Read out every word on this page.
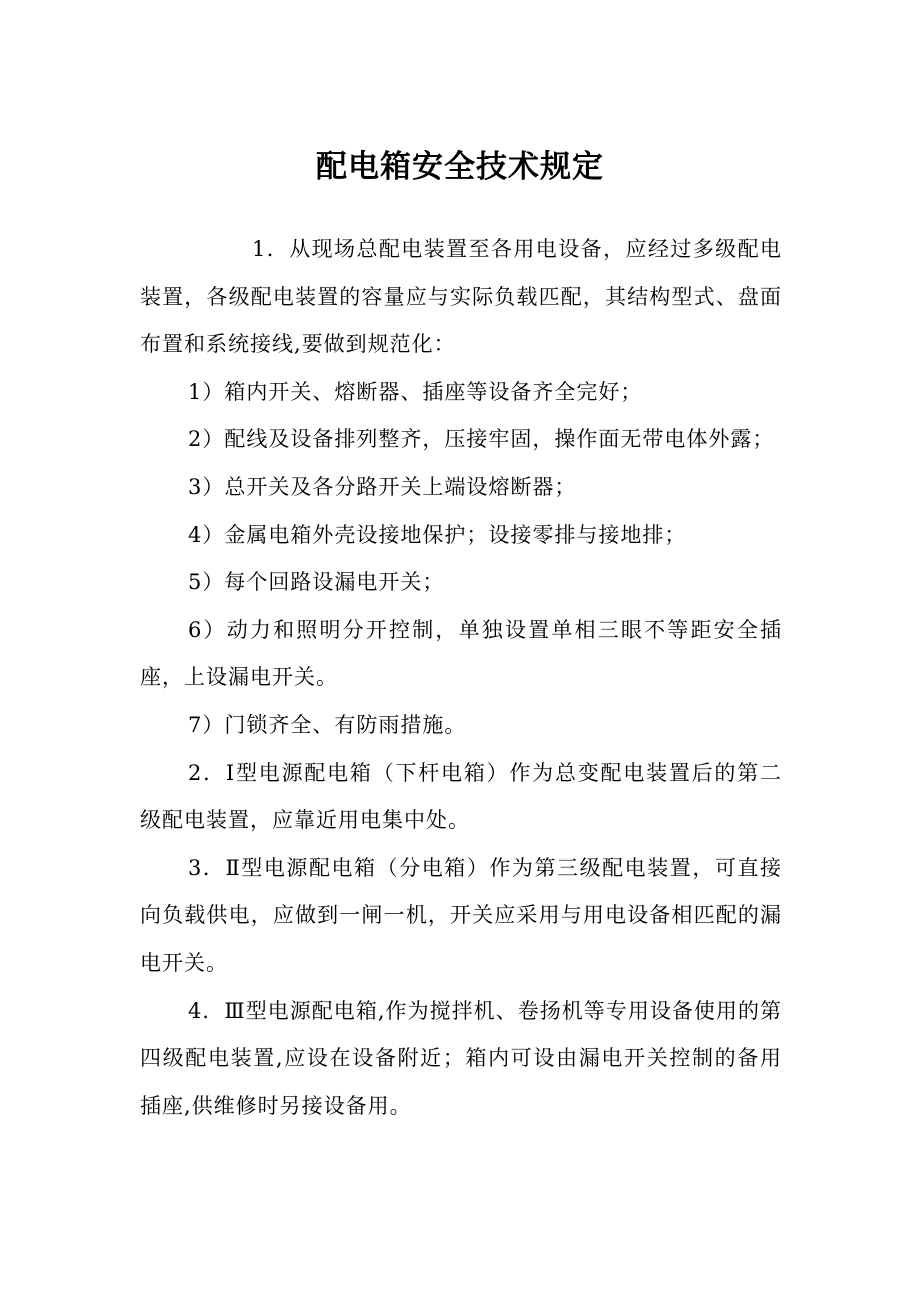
配电箱安全技术规定

1．从现场总配电装置至各用电设备，应经过多级配电装置，各级配电装置的容量应与实际负载匹配，其结构型式、盘面布置和系统接线,要做到规范化：

1）箱内开关、熔断器、插座等设备齐全完好；

2）配线及设备排列整齐，压接牢固，操作面无带电体外露；

3）总开关及各分路开关上端设熔断器；

4）金属电箱外壳设接地保护；设接零排与接地排；

5）每个回路设漏电开关；

6）动力和照明分开控制，单独设置单相三眼不等距安全插座，上设漏电开关。

7）门锁齐全、有防雨措施。

2．Ⅰ型电源配电箱（下杆电箱）作为总变配电装置后的第二级配电装置，应靠近用电集中处。

3．Ⅱ型电源配电箱（分电箱）作为第三级配电装置，可直接向负载供电，应做到一闸一机，开关应采用与用电设备相匹配的漏电开关。

4．Ⅲ型电源配电箱,作为搅拌机、卷扬机等专用设备使用的第四级配电装置,应设在设备附近；箱内可设由漏电开关控制的备用插座,供维修时另接设备用。
